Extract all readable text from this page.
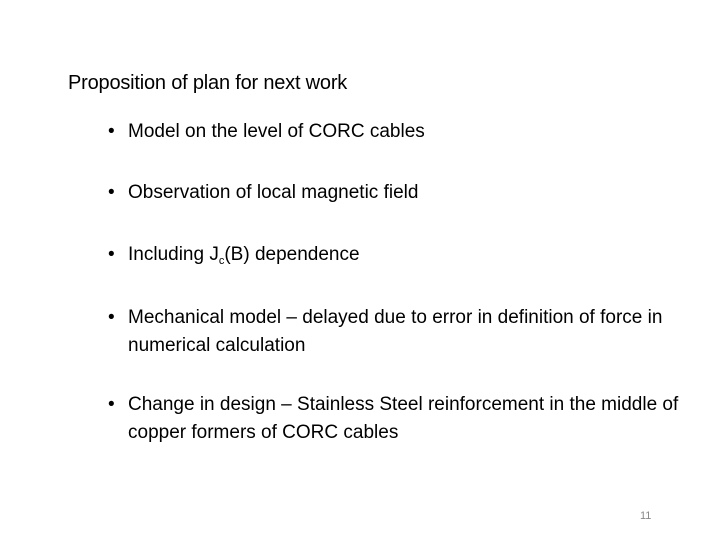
Proposition of plan for next work
• Model on the level of CORC cables
• Observation of local magnetic field
• Including $J_c(B)$ dependence
• Mechanical model – delayed due to error in definition of force in numerical calculation
• Change in design – Stainless Steel reinforcement in the middle of copper formers of CORC cables
11
